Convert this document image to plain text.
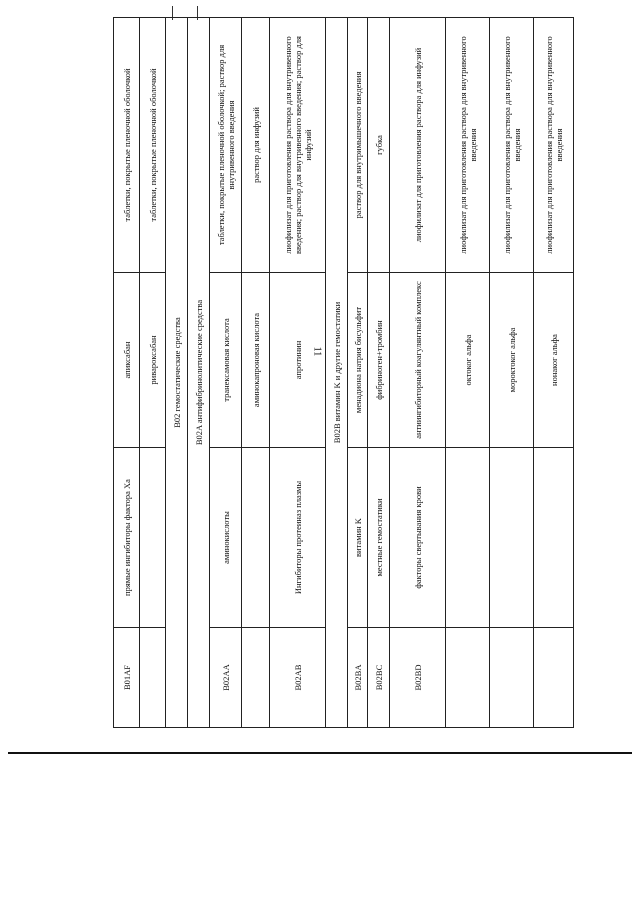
11
B01AF	прямые ингибиторы фактора Xa	апиксабан	таблетки, покрытые пленочной оболочкой
		ривароксабан	таблетки, покрытые пленочной оболочкой
B02 гемостатические средства			
B02A антифибринолитические средства			
B02AA	аминокислоты	транексамовая кислота	таблетки, покрытые пленочной оболочкой; раствор для внутривенного введения
		аминокапроновая кислота	раствор для инфузий
B02AB	Ингибиторы протеиназ плазмы	апротинин	лиофилизат для приготовления раствора для внутривенного введения; раствор для внутривенного введения; раствор для инфузий
B02B витамин K и другие гемостатики			
B02BA	витамин K	менадиона натрия бисульфит	раствор для внутримышечного введения
B02BC	местные гемостатики	фибриноген+тромбин	губка
B02BD	факторы свертывания крови	антиингибиторный коагулянтный комплекс	лиофилизат для приготовления раствора для инфузий
		октоког альфа	лиофилизат для приготовления раствора для внутривенного введения
		мороктоког альфа	лиофилизат для приготовления раствора для внутривенного введения
		нонаког альфа	лиофилизат для приготовления раствора для внутривенного введения
